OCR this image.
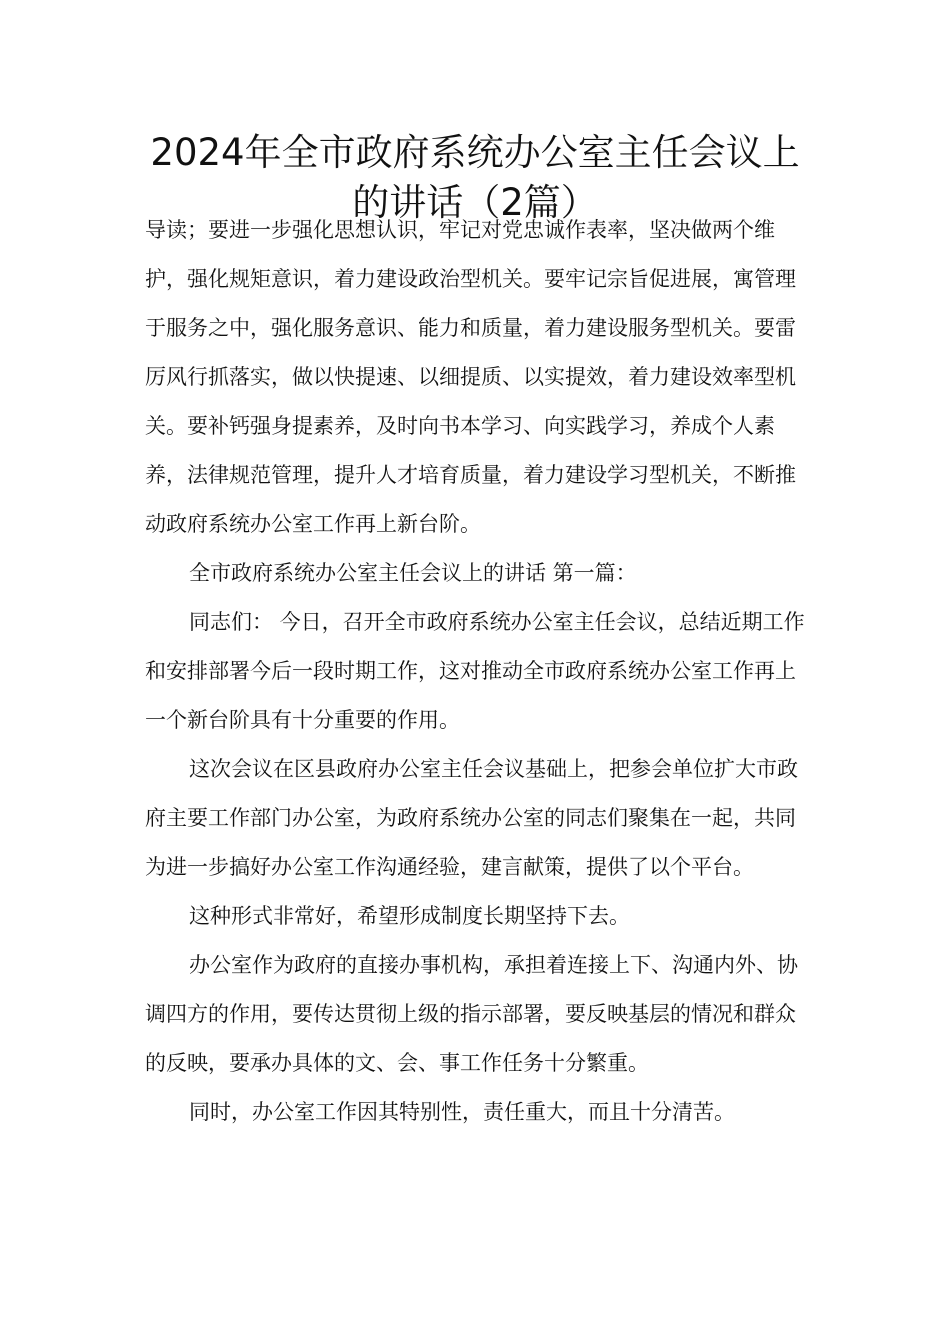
2024年全市政府系统办公室主任会议上
的讲话（2篇）

导读；要进一步强化思想认识，牢记对党忠诚作表率，坚决做两个维护，强化规矩意识，着力建设政治型机关。要牢记宗旨促进展，寓管理于服务之中，强化服务意识、能力和质量，着力建设服务型机关。要雷厉风行抓落实，做以快提速、以细提质、以实提效，着力建设效率型机关。要补钙强身提素养，及时向书本学习、向实践学习，养成个人素养，法律规范管理，提升人才培育质量，着力建设学习型机关，不断推动政府系统办公室工作再上新台阶。

全市政府系统办公室主任会议上的讲话 第一篇：

同志们： 今日，召开全市政府系统办公室主任会议，总结近期工作和安排部署今后一段时期工作，这对推动全市政府系统办公室工作再上一个新台阶具有十分重要的作用。

这次会议在区县政府办公室主任会议基础上，把参会单位扩大市政府主要工作部门办公室，为政府系统办公室的同志们聚集在一起，共同为进一步搞好办公室工作沟通经验，建言献策，提供了以个平台。

这种形式非常好，希望形成制度长期坚持下去。

办公室作为政府的直接办事机构，承担着连接上下、沟通内外、协调四方的作用，要传达贯彻上级的指示部署，要反映基层的情况和群众的反映，要承办具体的文、会、事工作任务十分繁重。

同时，办公室工作因其特别性，责任重大，而且十分清苦。
